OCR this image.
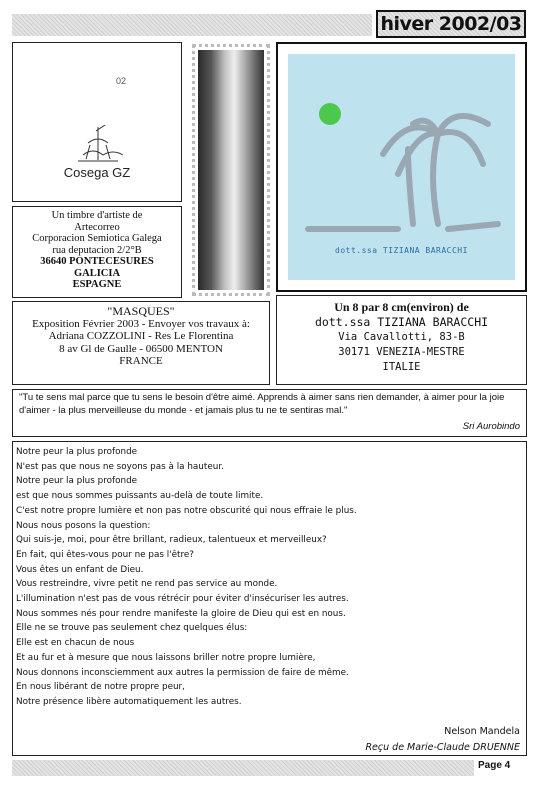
hiver 2002/03
02
Cosega GZ
Un timbre d'artiste de
Artecorreo
Corporacion Semiotica Galega
rua deputacion 2/2°B
36640 PONTECESURES
GALICIA
ESPAGNE
dott.ssa TIZIANA BARACCHI
"MASQUES"
Exposition Février 2003 - Envoyer vos travaux à:
Adriana COZZOLINI - Res Le Florentina
8 av Gl de Gaulle - 06500 MENTON
FRANCE
Un 8 par 8 cm(environ) de
dott.ssa TIZIANA BARACCHI
Via Cavallotti, 83-B
30171 VENEZIA-MESTRE
ITALIE
"Tu te sens mal parce que tu sens le besoin d'être aimé. Apprends à aimer sans rien demander, à aimer pour la joie d'aimer - la plus merveilleuse du monde - et jamais plus tu ne te sentiras mal."
Sri Aurobindo
Notre peur la plus profonde
N'est pas que nous ne soyons pas à la hauteur.
Notre peur la plus profonde
est que nous sommes puissants au-delà de toute limite.
C'est notre propre lumière et non pas notre obscurité qui nous effraie le plus.
Nous nous posons la question:
Qui suis-je, moi, pour être brillant, radieux, talentueux et merveilleux?
En fait, qui êtes-vous pour ne pas l'être?
Vous êtes un enfant de Dieu.
Vous restreindre, vivre petit ne rend pas service au monde.
L'illumination n'est pas de vous rétrécir pour éviter d'insécuriser les autres.
Nous sommes nés pour rendre manifeste la gloire de Dieu qui est en nous.
Elle ne se trouve pas seulement chez quelques élus:
Elle est en chacun de nous
Et au fur et à mesure que nous laissons briller notre propre lumière,
Nous donnons inconsciemment aux autres la permission de faire de même.
En nous libérant de notre propre peur,
Notre présence libère automatiquement les autres.
Nelson Mandela
Reçu de Marie-Claude DRUENNE
Page 4
